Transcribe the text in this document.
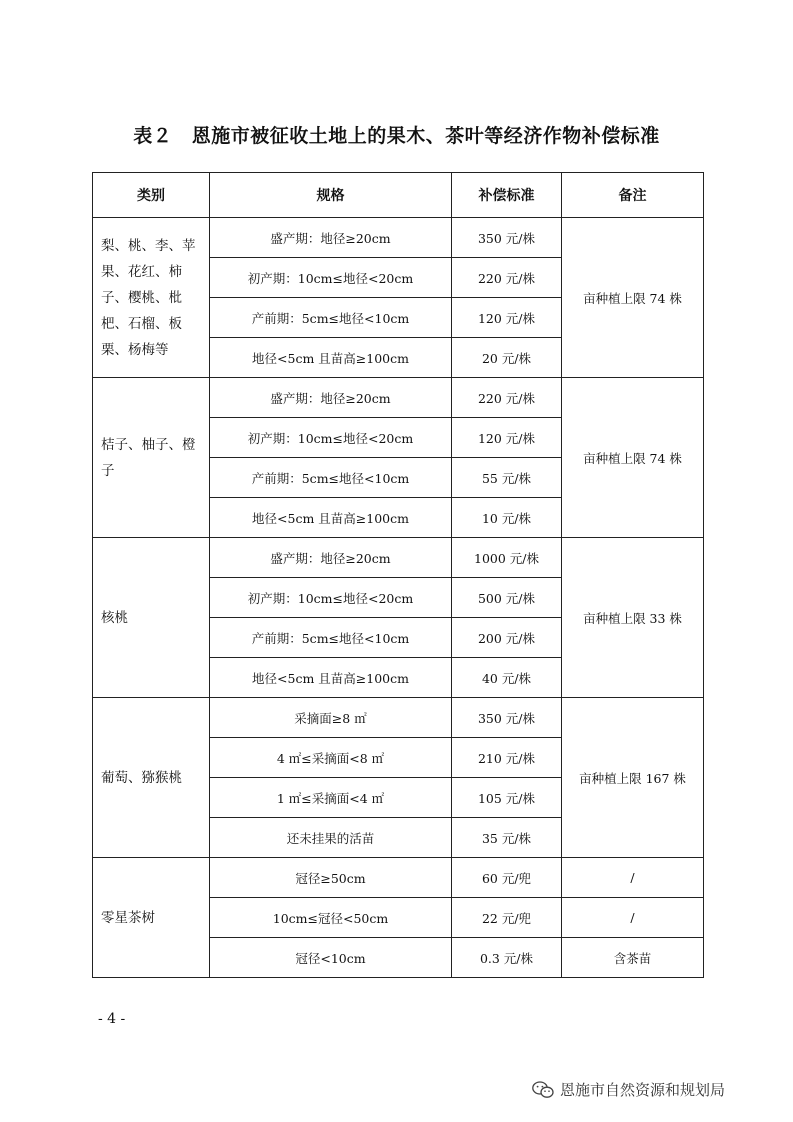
表２　恩施市被征收土地上的果木、茶叶等经济作物补偿标准
类别	规格	补偿标准	备注
梨、桃、李、苹果、花红、柿子、樱桃、枇杷、石榴、板栗、杨梅等	盛产期：地径≥20cm	350 元/株	亩种植上限 74 株
	初产期：10cm≤地径<20cm	220 元/株	
	产前期：5cm≤地径<10cm	120 元/株	
	地径<5cm 且苗高≥100cm	20 元/株	
桔子、柚子、橙子	盛产期：地径≥20cm	220 元/株	亩种植上限 74 株
	初产期：10cm≤地径<20cm	120 元/株	
	产前期：5cm≤地径<10cm	55 元/株	
	地径<5cm 且苗高≥100cm	10 元/株	
核桃	盛产期：地径≥20cm	1000 元/株	亩种植上限 33 株
	初产期：10cm≤地径<20cm	500 元/株	
	产前期：5cm≤地径<10cm	200 元/株	
	地径<5cm 且苗高≥100cm	40 元/株	
葡萄、猕猴桃	采摘面≥8 ㎡	350 元/株	亩种植上限 167 株
	4 ㎡≤采摘面<8 ㎡	210 元/株	
	1 ㎡≤采摘面<4 ㎡	105 元/株	
	还未挂果的活苗	35 元/株	
零星茶树	冠径≥50cm	60 元/兜	/
	10cm≤冠径<50cm	22 元/兜	/
	冠径<10cm	0.3 元/株	含茶苗
- 4 -
恩施市自然资源和规划局
